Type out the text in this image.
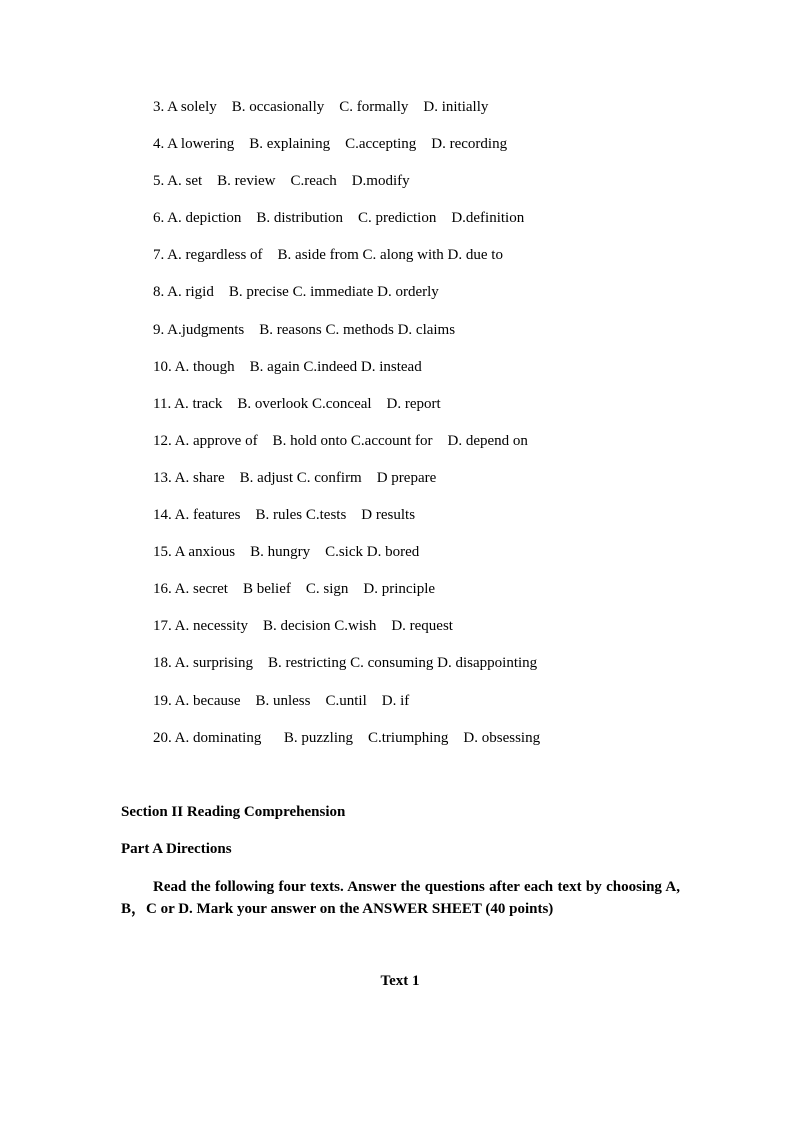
3. A solely    B. occasionally    C. formally    D. initially
4. A lowering    B. explaining    C.accepting    D. recording
5. A. set    B. review    C.reach    D.modify
6. A. depiction    B. distribution    C. prediction    D.definition
7. A. regardless of    B. aside from C. along with D. due to
8. A. rigid    B. precise C. immediate D. orderly
9. A.judgments    B. reasons C. methods D. claims
10. A. though    B. again C.indeed D. instead
11. A. track    B. overlook C.conceal    D. report
12. A. approve of    B. hold onto C.account for    D. depend on
13. A. share    B. adjust C. confirm    D prepare
14. A. features    B. rules C.tests    D results
15. A anxious    B. hungry    C.sick D. bored
16. A. secret    B belief    C. sign    D. principle
17. A. necessity    B. decision C.wish    D. request
18. A. surprising    B. restricting C. consuming D. disappointing
19. A. because    B. unless    C.until    D. if
20. A. dominating      B. puzzling    C.triumphing    D. obsessing
Section II Reading Comprehension
Part A Directions
Read the following four texts. Answer the questions after each text by choosing A, B，C or D. Mark your answer on the ANSWER SHEET (40 points)
Text 1
